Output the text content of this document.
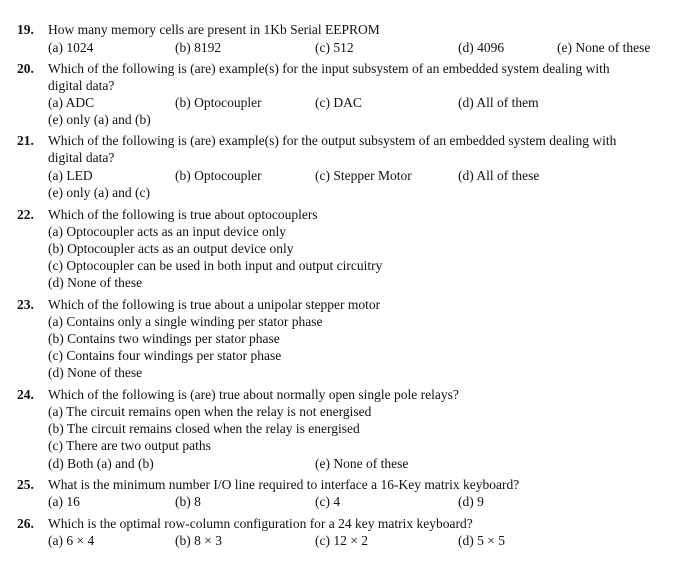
19. How many memory cells are present in 1Kb Serial EEPROM
(a) 1024	(b) 8192	(c) 512	(d) 4096	(e) None of these
20. Which of the following is (are) example(s) for the input subsystem of an embedded system dealing with
digital data?
(a) ADC	(b) Optocoupler	(c) DAC	(d) All of them
(e) only (a) and (b)
21. Which of the following is (are) example(s) for the output subsystem of an embedded system dealing with
digital data?
(a) LED	(b) Optocoupler	(c) Stepper Motor	(d) All of these
(e) only (a) and (c)
22. Which of the following is true about optocouplers
(a) Optocoupler acts as an input device only
(b) Optocoupler acts as an output device only
(c) Optocoupler can be used in both input and output circuitry
(d) None of these
23. Which of the following is true about a unipolar stepper motor
(a) Contains only a single winding per stator phase
(b) Contains two windings per stator phase
(c) Contains four windings per stator phase
(d) None of these
24. Which of the following is (are) true about normally open single pole relays?
(a) The circuit remains open when the relay is not energised
(b) The circuit remains closed when the relay is energised
(c) There are two output paths
(d) Both (a) and (b)	(e) None of these
25. What is the minimum number I/O line required to interface a 16-Key matrix keyboard?
(a) 16	(b) 8	(c) 4	(d) 9
26. Which is the optimal row-column configuration for a 24 key matrix keyboard?
(a) 6 × 4	(b) 8 × 3	(c) 12 × 2	(d) 5 × 5
